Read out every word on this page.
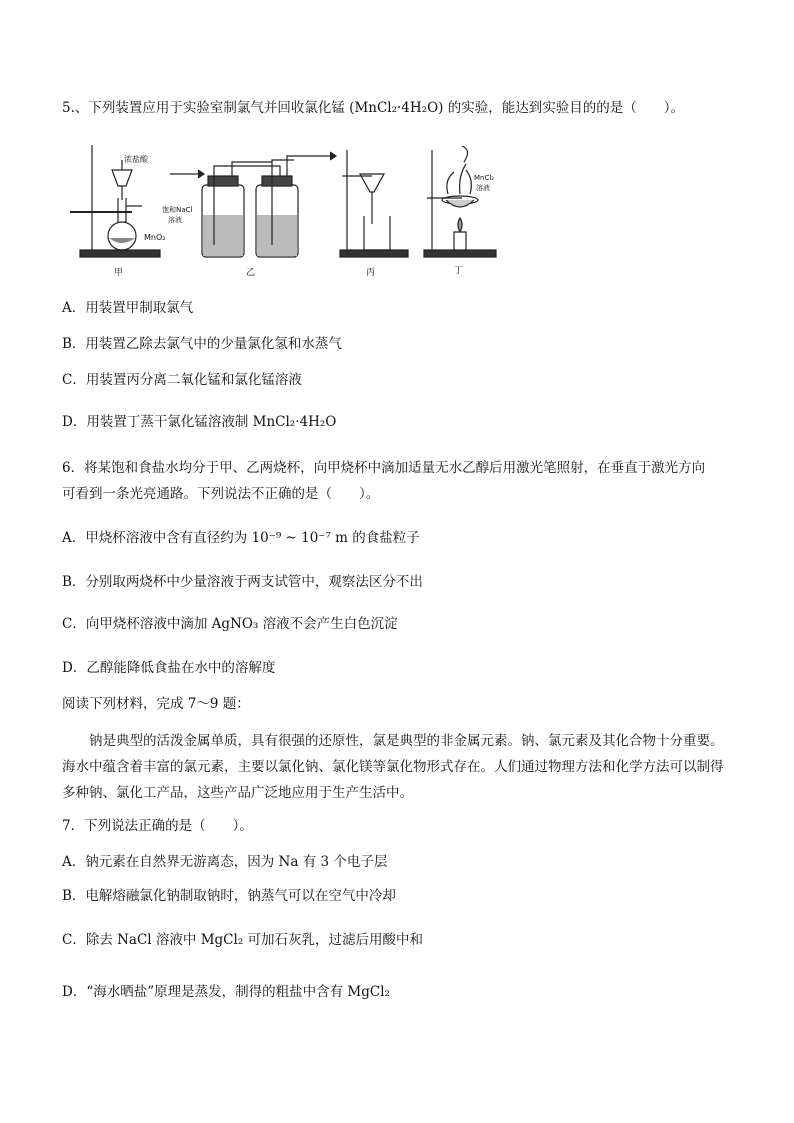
5.、下列装置应用于实验室制氯气并回收氯化锰 (MnCl₂·4H₂O) 的实验，能达到实验目的的是（　　）。
浓盐酸
MnO₂
甲
饱和NaCl
溶液
乙	丙
MnCl₂
溶液
丁
A．用装置甲制取氯气
B．用装置乙除去氯气中的少量氯化氢和水蒸气
C．用装置丙分离二氧化锰和氯化锰溶液
D．用装置丁蒸干氯化锰溶液制 MnCl₂·4H₂O
6．将某饱和食盐水均分于甲、乙两烧杯，向甲烧杯中滴加适量无水乙醇后用激光笔照射，在垂直于激光方向
可看到一条光亮通路。下列说法不正确的是（　　）。
A．甲烧杯溶液中含有直径约为 10⁻⁹ ~ 10⁻⁷ m 的食盐粒子
B．分别取两烧杯中少量溶液于两支试管中，观察法区分不出
C．向甲烧杯溶液中滴加 AgNO₃ 溶液不会产生白色沉淀
D．乙醇能降低食盐在水中的溶解度
阅读下列材料，完成 7～9 题：
钠是典型的活泼金属单质，具有很强的还原性，氯是典型的非金属元素。钠、氯元素及其化合物十分重要。海水中蕴含着丰富的氯元素，主要以氯化钠、氯化镁等氯化物形式存在。人们通过物理方法和化学方法可以制得多种钠、氯化工产品，这些产品广泛地应用于生产生活中。
7．下列说法正确的是（　　）。
A．钠元素在自然界无游离态，因为 Na 有 3 个电子层
B．电解熔融氯化钠制取钠时，钠蒸气可以在空气中冷却
C．除去 NaCl 溶液中 MgCl₂ 可加石灰乳，过滤后用酸中和
D．“海水晒盐”原理是蒸发，制得的粗盐中含有 MgCl₂
